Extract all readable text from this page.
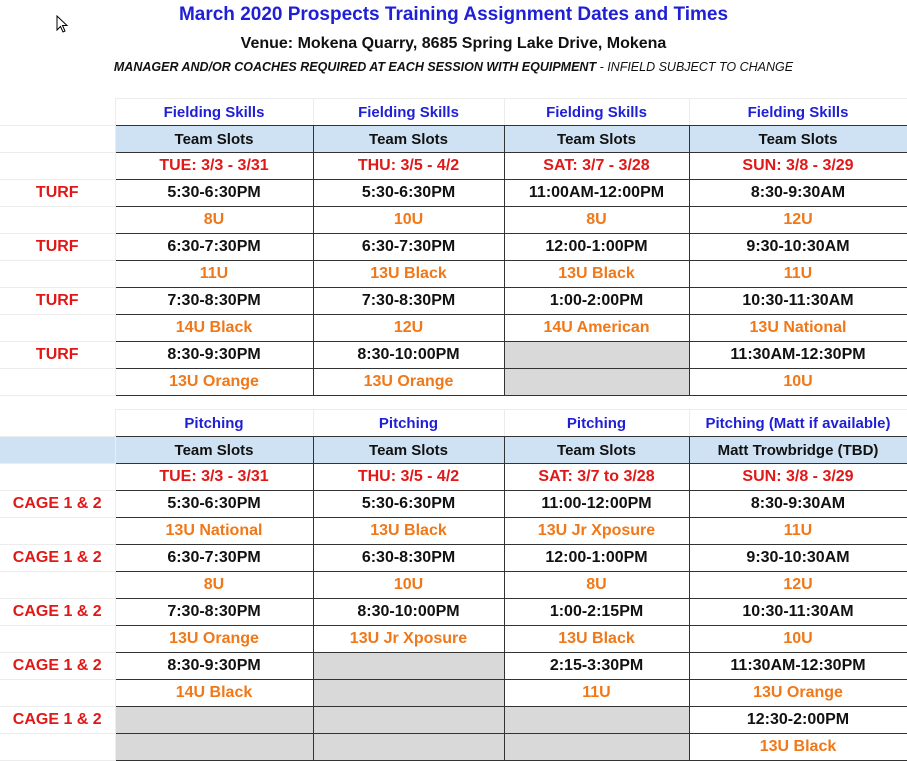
March 2020 Prospects Training Assignment Dates and Times
Venue: Mokena Quarry, 8685 Spring Lake Drive, Mokena
MANAGER AND/OR COACHES REQUIRED AT EACH SESSION WITH EQUIPMENT - INFIELD SUBJECT TO CHANGE
	Fielding Skills	Fielding Skills	Fielding Skills	Fielding Skills
	Team Slots	Team Slots	Team Slots	Team Slots
	TUE: 3/3 - 3/31	THU: 3/5 - 4/2	SAT: 3/7 - 3/28	SUN: 3/8 - 3/29
TURF	5:30-6:30PM	5:30-6:30PM	11:00AM-12:00PM	8:30-9:30AM
	8U	10U	8U	12U
TURF	6:30-7:30PM	6:30-7:30PM	12:00-1:00PM	9:30-10:30AM
	11U	13U Black	13U Black	11U
TURF	7:30-8:30PM	7:30-8:30PM	1:00-2:00PM	10:30-11:30AM
	14U Black	12U	14U American	13U National
TURF	8:30-9:30PM	8:30-10:00PM		11:30AM-12:30PM
	13U Orange	13U Orange		10U
	Pitching	Pitching	Pitching	Pitching (Matt if available)
	Team Slots	Team Slots	Team Slots	Matt Trowbridge (TBD)
	TUE: 3/3 - 3/31	THU: 3/5 - 4/2	SAT: 3/7 to 3/28	SUN: 3/8 - 3/29
CAGE 1 & 2	5:30-6:30PM	5:30-6:30PM	11:00-12:00PM	8:30-9:30AM
	13U National	13U Black	13U Jr Xposure	11U
CAGE 1 & 2	6:30-7:30PM	6:30-8:30PM	12:00-1:00PM	9:30-10:30AM
	8U	10U	8U	12U
CAGE 1 & 2	7:30-8:30PM	8:30-10:00PM	1:00-2:15PM	10:30-11:30AM
	13U Orange	13U Jr Xposure	13U Black	10U
CAGE 1 & 2	8:30-9:30PM		2:15-3:30PM	11:30AM-12:30PM
	14U Black		11U	13U Orange
CAGE 1 & 2				12:30-2:00PM
				13U Black
